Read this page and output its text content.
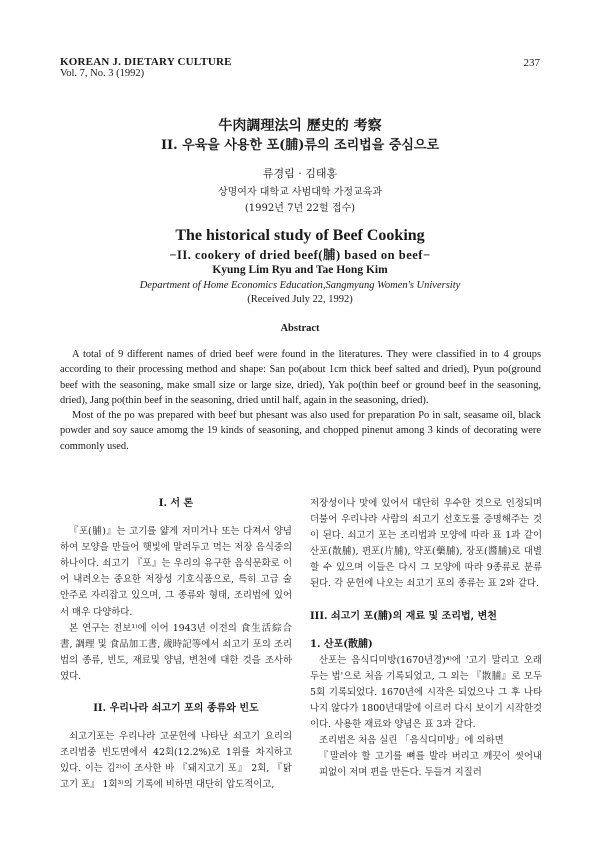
KOREAN J. DIETARY CULTURE
Vol. 7, No. 3 (1992)
237
牛肉調理法의 歷史的 考察
II. 우육을 사용한 포(脯)류의 조리법을 중심으로
류경림 · 김태홍
상명여자 대학교 사범대학 가정교육과
(1992년 7년 22헐 접수)
The historical study of Beef Cooking
−II. cookery of dried beef(脯) based on beef−
Kyung Lim Ryu and Tae Hong Kim
Department of Home Economics Education,Sangmyung Women's University
(Received July 22, 1992)
Abstract

A total of 9 different names of dried beef were found in the literatures. They were classified in to 4 groups according to their processing method and shape: San po(about 1cm thick beef salted and dried), Pyun po(ground beef with the seasoning, make small size or large size, dried), Yak po(thin beef or ground beef in the seasoning, dried), Jang po(thin beef in the seasoning, dried until half, again in the seasoning, dried).

Most of the po was prepared with beef but phesant was also used for preparation Po in salt, seasame oil, black powder and soy sauce amomg the 19 kinds of seasoning, and chopped pinenut among 3 kinds of decorating were commonly used.

I. 서 론

『포(脯)』는 고기를 얇게 저미거나 또는 다져서 양념하여 모양을 만들어 햇빛에 말려두고 먹는 저장 음식중의 하나이다. 쇠고기 『포』는 우리의 유구한 음식문화로 이어 내려오는 중요한 저장성 기호식품으로, 특히 고급 술안주로 자리잡고 있으며, 그 종류와 형태, 조리법에 있어서 매우 다양하다.

본 연구는 전보¹⁾에 이어 1943년 이전의 食生活綜合書, 調理 및 食品加工書, 歲時記等에서 쇠고기 포의 조리법의 종류, 빈도, 재료및 양념, 변천에 대한 것을 조사하였다.

II. 우리나라 쇠고기 포의 종류와 빈도

쇠고기포는 우리나라 고문헌에 나타난 쇠고기 요리의 조리법중 빈도면에서 42회(12.2%)로 1위를 차지하고 있다. 이는 김²⁾이 조사한 바 『돼지고기 포』 2회, 『닭고기 포』 1회³⁾의 기록에 비하면 대단히 압도적이고,

저장성이나 맛에 있어서 대단히 우수한 것으로 인정되며 더불어 우리나라 사람의 쇠고기 선호도를 증명해주는 것이 된다. 쇠고기 포는 조리법과 모양에 따라 표 1과 같이 산포(散脯), 편포(片脯), 약포(藥脯), 장포(醬脯)로 대별할 수 있으며 이들은 다시 그 모양에 따라 9종류로 분류된다. 각 문헌에 나오는 쇠고기 포의 종류는 표 2와 같다.

III. 쇠고기 포(脯)의 재료 및 조리법, 변천

1. 산포(散脯)

산포는 음식디미방(1670년경)⁴⁾에 '고기 말리고 오래두는 법'으로 처음 기록되었고, 그 외는 『散脯』로 모두 5회 기록되었다. 1670년에 시작은 되었으나 그 후 나타나지 않다가 1800년대말에 이르러 다시 보이기 시작한것이다. 사용한 재료와 양념은 표 3과 같다.

조리법은 처음 실린 「음식디미방」에 의하면

『말려야 할 고기를 뼈를 발라 버리고 깨끗이 씻어내 피없이 저며 편을 만든다. 두들겨 지질러
